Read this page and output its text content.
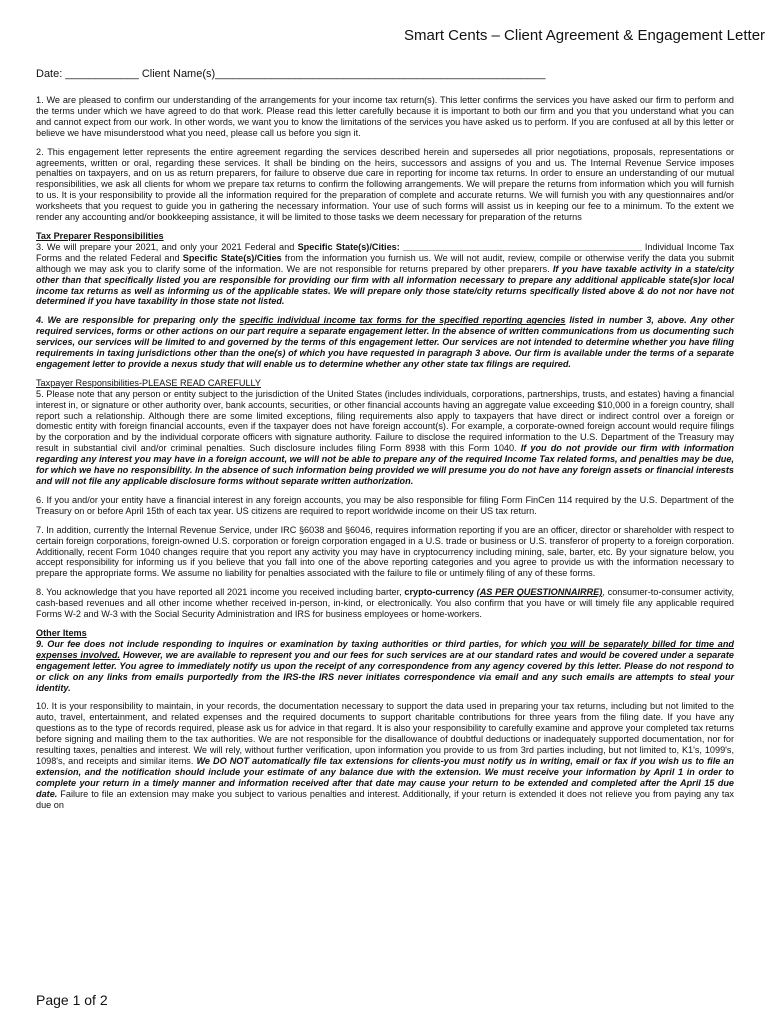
Smart Cents – Client Agreement & Engagement Letter
Date: ____________ Client Name(s)______________________________________________________

1. We are pleased to confirm our understanding of the arrangements for your income tax return(s). This letter confirms the services you have asked our firm to perform and the terms under which we have agreed to do that work. Please read this letter carefully because it is important to both our firm and you that you understand what you can and cannot expect from our work. In other words, we want you to know the limitations of the services you have asked us to perform. If you are confused at all by this letter or believe we have misunderstood what you need, please call us before you sign it.

2. This engagement letter represents the entire agreement regarding the services described herein and supersedes all prior negotiations, proposals, representations or agreements, written or oral, regarding these services. It shall be binding on the heirs, successors and assigns of you and us. The Internal Revenue Service imposes penalties on taxpayers, and on us as return preparers, for failure to observe due care in reporting for income tax returns. In order to ensure an understanding of our mutual responsibilities, we ask all clients for whom we prepare tax returns to confirm the following arrangements. We will prepare the returns from information which you will furnish to us. It is your responsibility to provide all the information required for the preparation of complete and accurate returns. We will furnish you with any questionnaires and/or worksheets that you request to guide you in gathering the necessary information. Your use of such forms will assist us in keeping our fee to a minimum. To the extent we render any accounting and/or bookkeeping assistance, it will be limited to those tasks we deem necessary for preparation of the returns

Tax Preparer Responsibilities

3. We will prepare your 2021, and only your 2021 Federal and Specific State(s)/Cities: _______________________________________________ Individual Income Tax Forms and the related Federal and Specific State(s)/Cities from the information you furnish us. We will not audit, review, compile or otherwise verify the data you submit although we may ask you to clarify some of the information. We are not responsible for returns prepared by other preparers. If you have taxable activity in a state/city other than that specifically listed you are responsible for providing our firm with all information necessary to prepare any additional applicable state(s)or local income tax returns as well as informing us of the applicable states. We will prepare only those state/city returns specifically listed above & do not nor have not determined if you have taxability in those state not listed.

4. We are responsible for preparing only the specific individual income tax forms for the specified reporting agencies listed in number 3, above. Any other required services, forms or other actions on our part require a separate engagement letter. In the absence of written communications from us documenting such services, our services will be limited to and governed by the terms of this engagement letter. Our services are not intended to determine whether you have filing requirements in taxing jurisdictions other than the one(s) of which you have requested in paragraph 3 above. Our firm is available under the terms of a separate engagement letter to provide a nexus study that will enable us to determine whether any other state tax filings are required.

Taxpayer Responsibilities-PLEASE READ CAREFULLY

5. Please note that any person or entity subject to the jurisdiction of the United States (includes individuals, corporations, partnerships, trusts, and estates) having a financial interest in, or signature or other authority over, bank accounts, securities, or other financial accounts having an aggregate value exceeding $10,000 in a foreign country, shall report such a relationship. Although there are some limited exceptions, filing requirements also apply to taxpayers that have direct or indirect control over a foreign or domestic entity with foreign financial accounts, even if the taxpayer does not have foreign account(s). For example, a corporate-owned foreign account would require filings by the corporation and by the individual corporate officers with signature authority. Failure to disclose the required information to the U.S. Department of the Treasury may result in substantial civil and/or criminal penalties. Such disclosure includes filing Form 8938 with this Form 1040. If you do not provide our firm with information regarding any interest you may have in a foreign account, we will not be able to prepare any of the required Income Tax related forms, and penalties may be due, for which we have no responsibility. In the absence of such information being provided we will presume you do not have any foreign assets or financial interests and will not file any applicable disclosure forms without separate written authorization.

6. If you and/or your entity have a financial interest in any foreign accounts, you may be also responsible for filing Form FinCen 114 required by the U.S. Department of the Treasury on or before April 15th of each tax year. US citizens are required to report worldwide income on their US tax return.

7. In addition, currently the Internal Revenue Service, under IRC §6038 and §6046, requires information reporting if you are an officer, director or shareholder with respect to certain foreign corporations, foreign-owned U.S. corporation or foreign corporation engaged in a U.S. trade or business or U.S. transferor of property to a foreign corporation. Additionally, recent Form 1040 changes require that you report any activity you may have in cryptocurrency including mining, sale, barter, etc. By your signature below, you accept responsibility for informing us if you believe that you fall into one of the above reporting categories and you agree to provide us with the information necessary to prepare the appropriate forms. We assume no liability for penalties associated with the failure to file or untimely filing of any of these forms.

8. You acknowledge that you have reported all 2021 income you received including barter, crypto-currency (AS PER QUESTIONNAIRRE), consumer-to-consumer activity, cash-based revenues and all other income whether received in-person, in-kind, or electronically. You also confirm that you have or will timely file any applicable required Forms W-2 and W-3 with the Social Security Administration and IRS for business employees or home-workers.

Other Items

9. Our fee does not include responding to inquires or examination by taxing authorities or third parties, for which you will be separately billed for time and expenses involved. However, we are available to represent you and our fees for such services are at our standard rates and would be covered under a separate engagement letter. You agree to immediately notify us upon the receipt of any correspondence from any agency covered by this letter. Please do not respond to or click on any links from emails purportedly from the IRS-the IRS never initiates correspondence via email and any such emails are attempts to steal your identity.

10. It is your responsibility to maintain, in your records, the documentation necessary to support the data used in preparing your tax returns, including but not limited to the auto, travel, entertainment, and related expenses and the required documents to support charitable contributions for three years from the filing date. If you have any questions as to the type of records required, please ask us for advice in that regard. It is also your responsibility to carefully examine and approve your completed tax returns before signing and mailing them to the tax authorities. We are not responsible for the disallowance of doubtful deductions or inadequately supported documentation, nor for resulting taxes, penalties and interest. We will rely, without further verification, upon information you provide to us from 3rd parties including, but not limited to, K1's, 1099's, 1098's, and receipts and similar items. We DO NOT automatically file tax extensions for clients-you must notify us in writing, email or fax if you wish us to file an extension, and the notification should include your estimate of any balance due with the extension. We must receive your information by April 1 in order to complete your return in a timely manner and information received after that date may cause your return to be extended and completed after the April 15 due date. Failure to file an extension may make you subject to various penalties and interest. Additionally, if your return is extended it does not relieve you from paying any tax due on

Page 1 of 2
